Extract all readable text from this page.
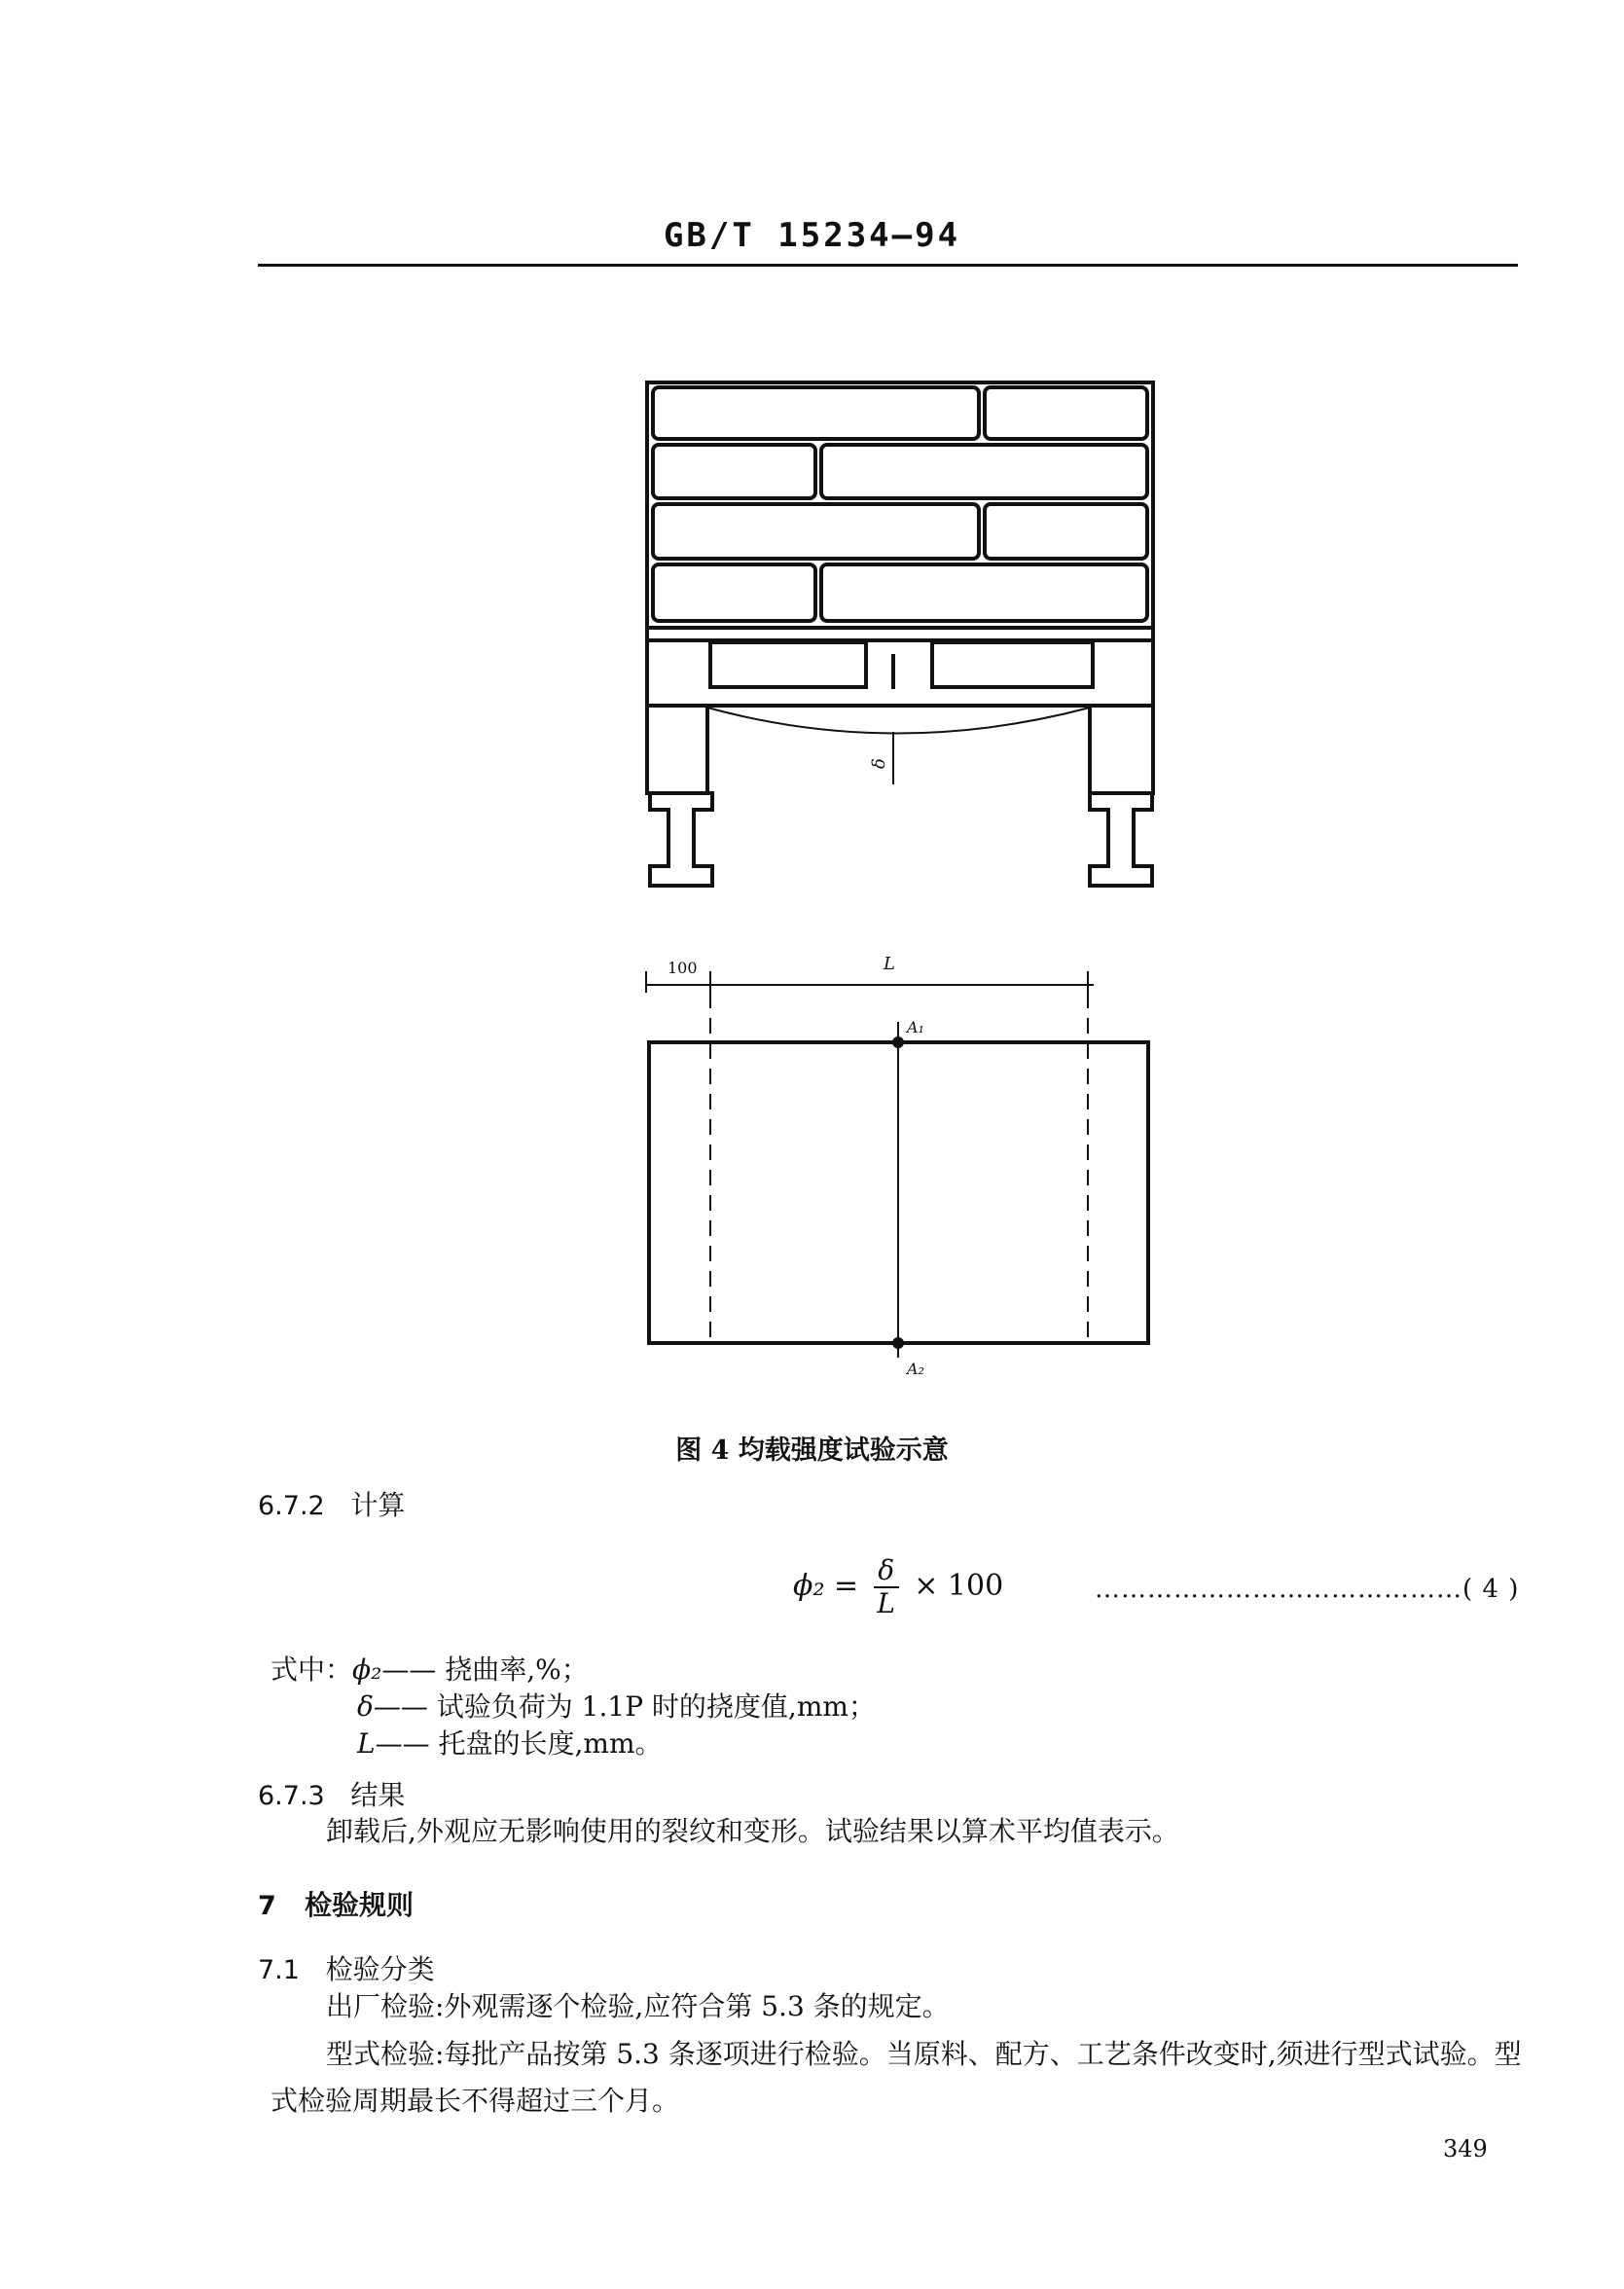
GB/T 15234—94
δ
100	L
A₁
A₂
图 4 均载强度试验示意
6.7.2 计算
$\phi_2 = \frac{\delta}{L} \times 100$	……………………………………( 4 )
式中：ϕ₂—— 挠曲率,%；
δ—— 试验负荷为 1.1P 时的挠度值,mm；
L—— 托盘的长度,mm。
6.7.3 结果
卸载后,外观应无影响使用的裂纹和变形。试验结果以算术平均值表示。
7 检验规则
7.1 检验分类
出厂检验:外观需逐个检验,应符合第 5.3 条的规定。
型式检验:每批产品按第 5.3 条逐项进行检验。当原料、配方、工艺条件改变时,须进行型式试验。型
式检验周期最长不得超过三个月。
349
